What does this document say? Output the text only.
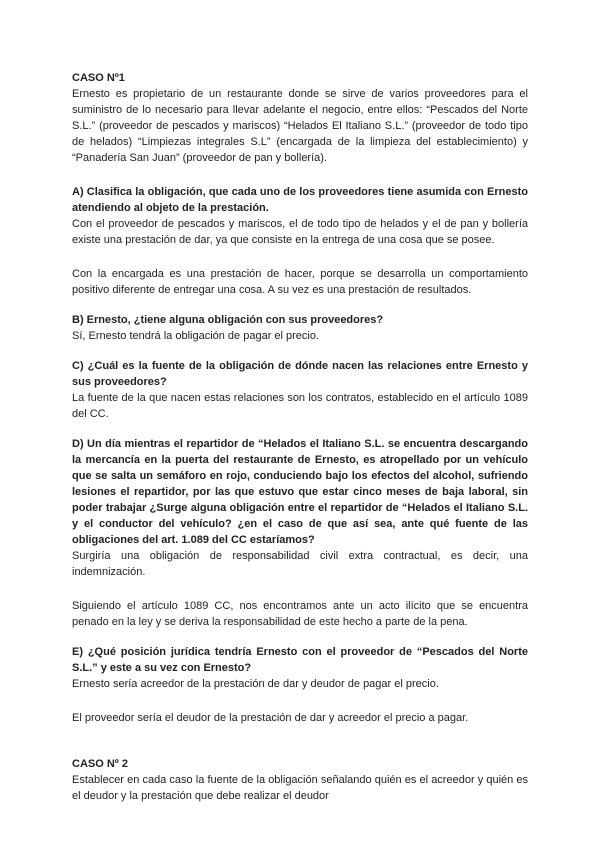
CASO Nº1

Ernesto es propietario de un restaurante donde se sirve de varios proveedores para el suministro de lo necesario para llevar adelante el negocio, entre ellos: “Pescados del Norte S.L.” (proveedor de pescados y mariscos) “Helados El Italiano S.L.” (proveedor de todo tipo de helados) “Limpiezas integrales S.L” (encargada de la limpieza del establecimiento) y “Panadería San Juan” (proveedor de pan y bollería).

A) Clasifica la obligación, que cada uno de los proveedores tiene asumida con Ernesto atendiendo al objeto de la prestación.

Con el proveedor de pescados y mariscos, el de todo tipo de helados y el de pan y bollería existe una prestación de dar, ya que consiste en la entrega de una cosa que se posee.

Con la encargada es una prestación de hacer, porque se desarrolla un comportamiento positivo diferente de entregar una cosa. A su vez es una prestación de resultados.

B) Ernesto, ¿tiene alguna obligación con sus proveedores?

Sí, Ernesto tendrá la obligación de pagar el precio.

C) ¿Cuál es la fuente de la obligación de dónde nacen las relaciones entre Ernesto y sus proveedores?

La fuente de la que nacen estas relaciones son los contratos, establecido en el artículo 1089 del CC.

D) Un día mientras el repartidor de “Helados el Italiano S.L. se encuentra descargando la mercancía en la puerta del restaurante de Ernesto, es atropellado por un vehículo que se salta un semáforo en rojo, conduciendo bajo los efectos del alcohol, sufriendo lesiones el repartidor, por las que estuvo que estar cinco meses de baja laboral, sin poder trabajar ¿Surge alguna obligación entre el repartidor de “Helados el Italiano S.L. y el conductor del vehículo? ¿en el caso de que así sea, ante qué fuente de las obligaciones del art. 1.089 del CC estaríamos?

Surgiría una obligación de responsabilidad civil extra contractual, es decir, una indemnización.

Siguiendo el artículo 1089 CC, nos encontramos ante un acto ilícito que se encuentra penado en la ley y se deriva la responsabilidad de este hecho a parte de la pena.

E) ¿Qué posición jurídica tendría Ernesto con el proveedor de “Pescados del Norte S.L.” y este a su vez con Ernesto?

Ernesto sería acreedor de la prestación de dar y deudor de pagar el precio.

El proveedor sería el deudor de la prestación de dar y acreedor el precio a pagar.

CASO Nº 2

Establecer en cada caso la fuente de la obligación señalando quién es el acreedor y quién es el deudor y la prestación que debe realizar el deudor
